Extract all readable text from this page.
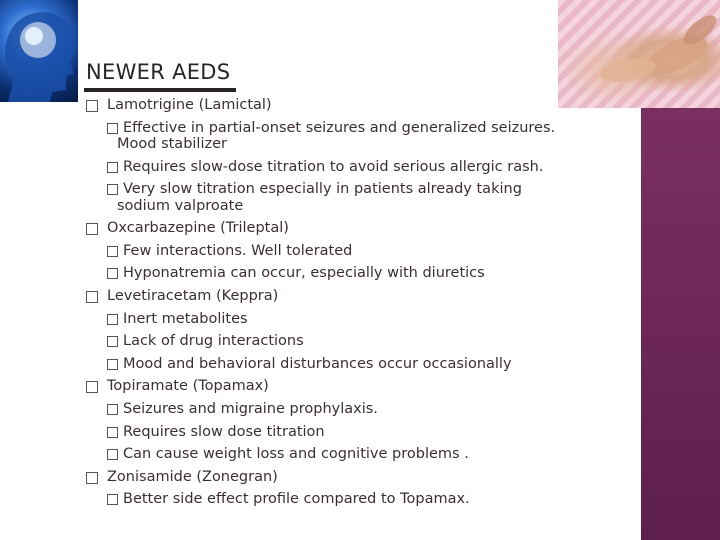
NEWER AEDS
Lamotrigine (Lamictal)
Effective in partial-onset seizures and generalized seizures.
Mood stabilizer
Requires slow-dose titration to avoid serious allergic rash.
Very slow titration especially in patients already taking
sodium valproate
Oxcarbazepine (Trileptal)
Few interactions. Well tolerated
Hyponatremia can occur, especially with diuretics
Levetiracetam (Keppra)
Inert metabolites
Lack of drug interactions
Mood and behavioral disturbances occur occasionally
Topiramate (Topamax)
Seizures and migraine prophylaxis.
Requires slow dose titration
Can cause weight loss and cognitive problems .
Zonisamide (Zonegran)
Better side effect profile compared to Topamax.
